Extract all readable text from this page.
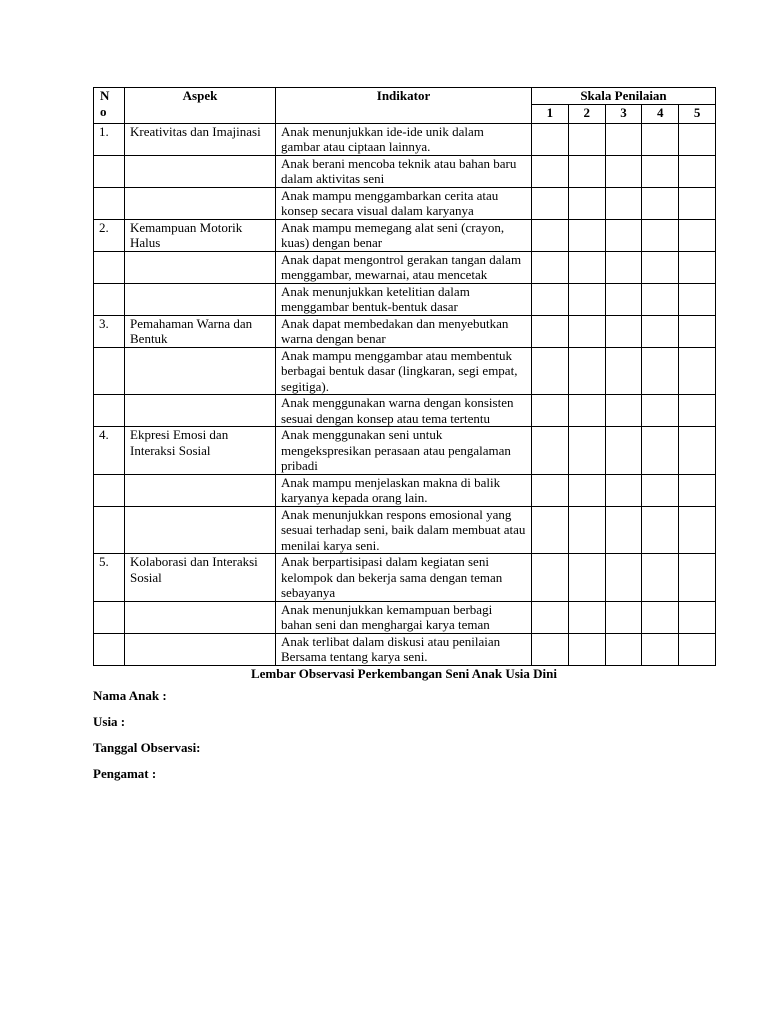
N
o	Aspek	Indikator	Skala Penilaian				
			1	2	3	4	5
1.	Kreativitas dan Imajinasi	Anak menunjukkan ide-ide unik dalam gambar atau ciptaan lainnya.					
		Anak berani mencoba teknik atau bahan baru dalam aktivitas seni					
		Anak mampu menggambarkan cerita atau konsep secara visual dalam karyanya					
2.	Kemampuan Motorik Halus	Anak mampu memegang alat seni (crayon, kuas) dengan benar					
		Anak dapat mengontrol gerakan tangan dalam menggambar, mewarnai, atau mencetak					
		Anak menunjukkan ketelitian dalam menggambar bentuk-bentuk dasar					
3.	Pemahaman Warna dan Bentuk	Anak dapat membedakan dan menyebutkan warna dengan benar					
		Anak mampu menggambar atau membentuk berbagai bentuk dasar (lingkaran, segi empat, segitiga).					
		Anak menggunakan warna dengan konsisten sesuai dengan konsep atau tema tertentu					
4.	Ekpresi Emosi dan Interaksi Sosial	Anak menggunakan seni untuk mengekspresikan perasaan atau pengalaman pribadi					
		Anak mampu menjelaskan makna di balik karyanya kepada orang lain.					
		Anak menunjukkan respons emosional yang sesuai terhadap seni, baik dalam membuat atau menilai karya seni.					
5.	Kolaborasi dan Interaksi Sosial	Anak berpartisipasi dalam kegiatan seni kelompok dan bekerja sama dengan teman sebayanya					
		Anak menunjukkan kemampuan berbagi bahan seni dan menghargai karya teman					
		Anak terlibat dalam diskusi atau penilaian Bersama tentang karya seni.					
Lembar Observasi Perkembangan Seni Anak Usia Dini
Nama Anak :
Usia :
Tanggal Observasi:
Pengamat :
